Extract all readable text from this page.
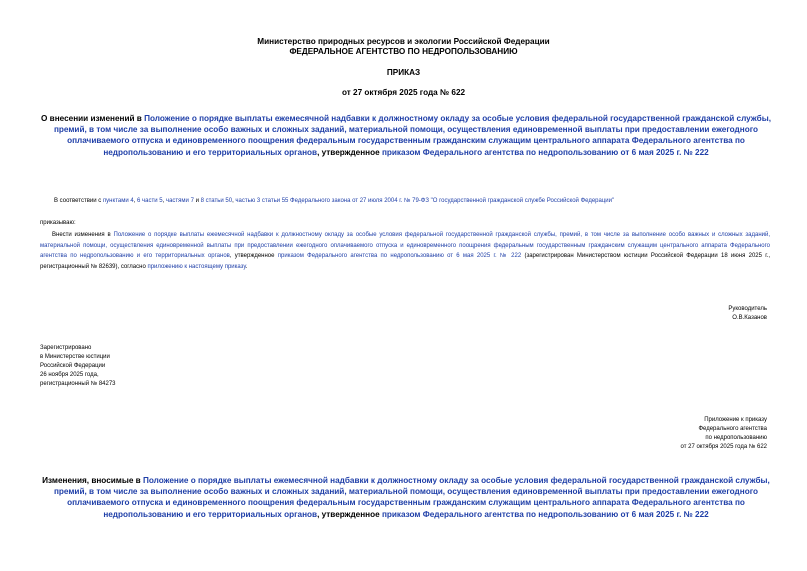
Министерство природных ресурсов и экологии Российской Федерации
ФЕДЕРАЛЬНОЕ АГЕНТСТВО ПО НЕДРОПОЛЬЗОВАНИЮ
ПРИКАЗ
от 27 октября 2025 года № 622
О внесении изменений в Положение о порядке выплаты ежемесячной надбавки к должностному окладу за особые условия федеральной государственной гражданской службы, премий, в том числе за выполнение особо важных и сложных заданий, материальной помощи, осуществления единовременной выплаты при предоставлении ежегодного оплачиваемого отпуска и единовременного поощрения федеральным государственным гражданским служащим центрального аппарата Федерального агентства по недропользованию и его территориальных органов, утвержденное приказом Федерального агентства по недропользованию от 6 мая 2025 г. № 222
В соответствии с пунктами 4, 6 части 5, частями 7 и 8 статьи 50, частью 3 статьи 55 Федерального закона от 27 июля 2004 г. № 79-ФЗ "О государственной гражданской службе Российской Федерации"
приказываю:
Внести изменения в Положение о порядке выплаты ежемесячной надбавки к должностному окладу за особые условия федеральной государственной гражданской службы, премий, в том числе за выполнение особо важных и сложных заданий, материальной помощи, осуществления единовременной выплаты при предоставлении ежегодного оплачиваемого отпуска и единовременного поощрения федеральным государственным гражданским служащим центрального аппарата Федерального агентства по недропользованию и его территориальных органов, утвержденное приказом Федерального агентства по недропользованию от 6 мая 2025 г. № 222 (зарегистрирован Министерством юстиции Российской Федерации 18 июня 2025 г., регистрационный № 82639), согласно приложению к настоящему приказу.
Руководитель
О.В.Казанов
Зарегистрировано
в Министерстве юстиции
Российской Федерации
26 ноября 2025 года,
регистрационный № 84273
Приложение к приказу
Федерального агентства
по недропользованию
от 27 октября 2025 года № 622
Изменения, вносимые в Положение о порядке выплаты ежемесячной надбавки к должностному окладу за особые условия федеральной государственной гражданской службы, премий, в том числе за выполнение особо важных и сложных заданий, материальной помощи, осуществления единовременной выплаты при предоставлении ежегодного оплачиваемого отпуска и единовременного поощрения федеральным государственным гражданским служащим центрального аппарата Федерального агентства по недропользованию и его территориальных органов, утвержденное приказом Федерального агентства по недропользованию от 6 мая 2025 г. № 222
